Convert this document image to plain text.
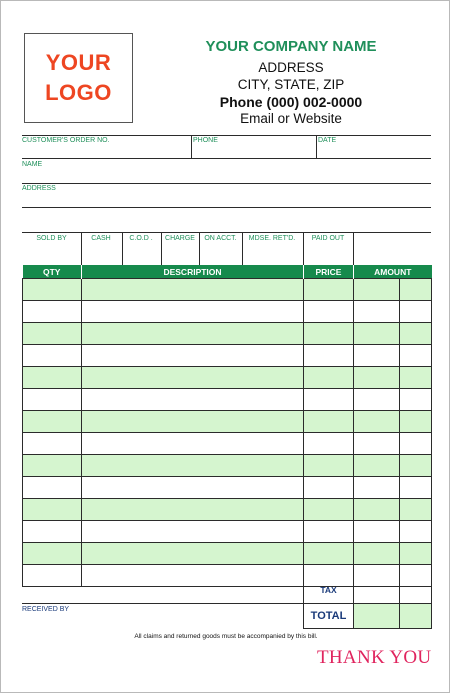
YOUR
LOGO
YOUR COMPANY NAME
ADDRESS
CITY, STATE, ZIP
Phone (000) 002-0000
Email or Website
CUSTOMER'S ORDER NO.	PHONE	DATE
NAME
ADDRESS
SOLD BY	CASH	C.O.D .	CHARGE	ON ACCT.	MDSE. RET'D.	PAID OUT
QTY	DESCRIPTION	PRICE	AMOUNT	

TAX
TOTAL
RECEIVED BY
All claims and returned goods must be accompanied by this bill.
THANK YOU
